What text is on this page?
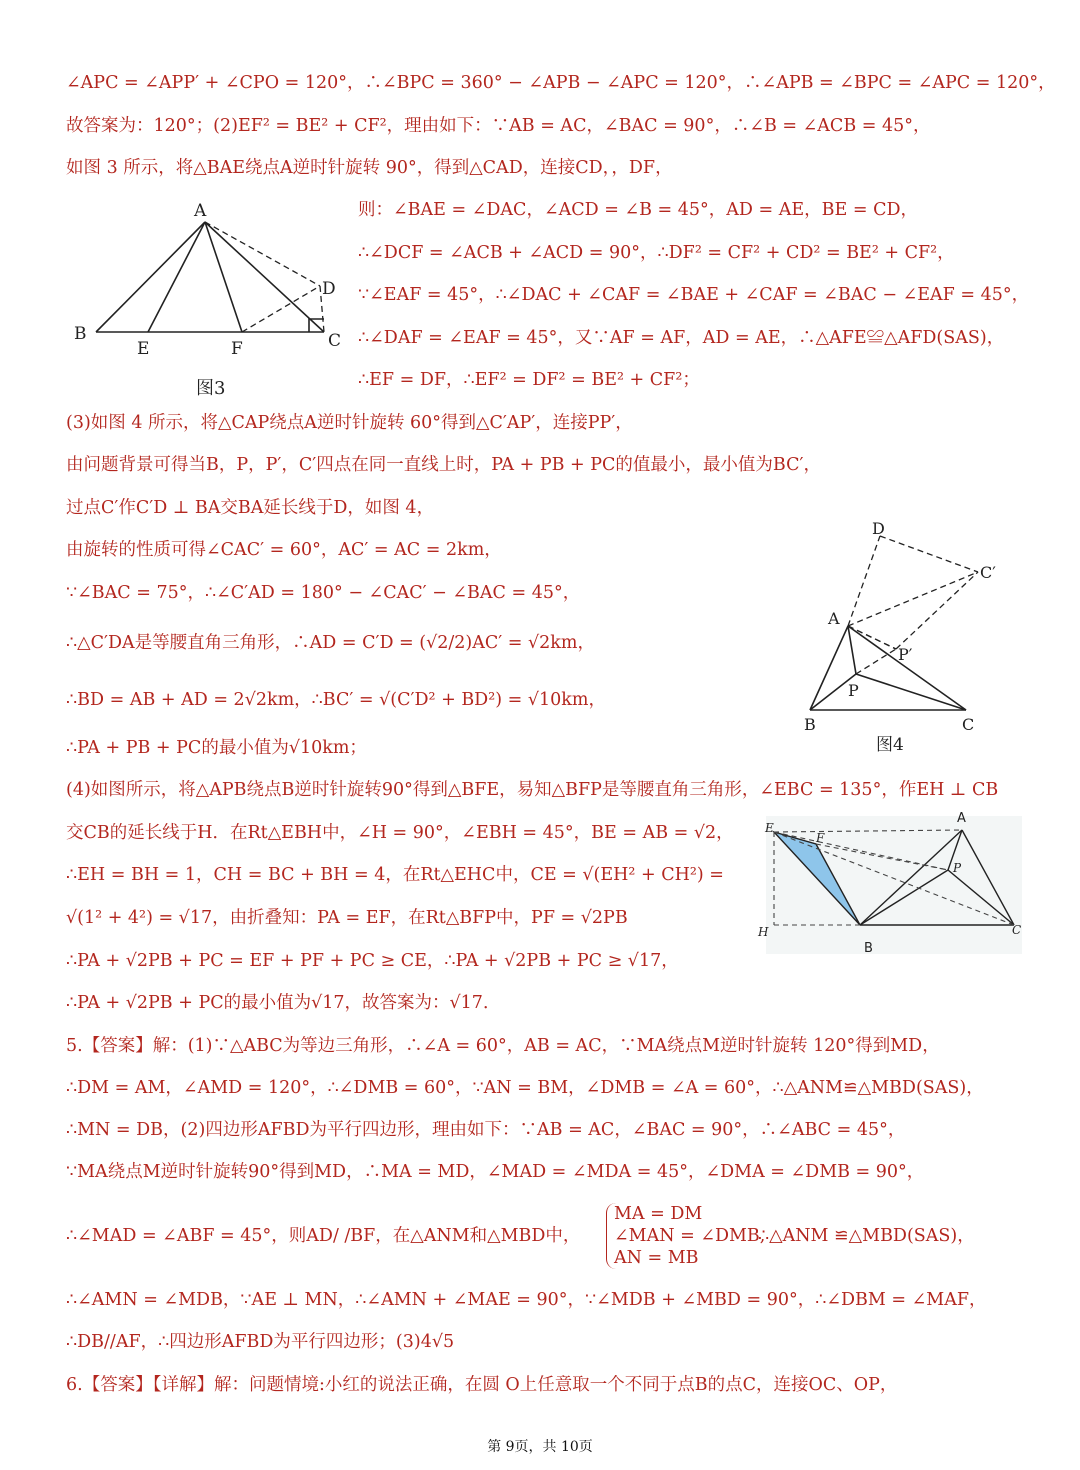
∠APC = ∠APP′ + ∠CPO = 120°，∴∠BPC = 360° − ∠APB − ∠APC = 120°，∴∠APB = ∠BPC = ∠APC = 120°，
故答案为：120°；(2)EF² = BE² + CF²，理由如下：∵AB = AC，∠BAC = 90°，∴∠B = ∠ACB = 45°，
如图 3 所示，将△BAE绕点A逆时针旋转 90°，得到△CAD，连接CD，，DF，
则：∠BAE = ∠DAC，∠ACD = ∠B = 45°，AD = AE，BE = CD，
∴∠DCF = ∠ACB + ∠ACD = 90°，∴DF² = CF² + CD² = BE² + CF²，
∵∠EAF = 45°，∴∠DAC + ∠CAF = ∠BAE + ∠CAF = ∠BAC − ∠EAF = 45°，
∴∠DAF = ∠EAF = 45°，又∵AF = AF，AD = AE，∴△AFE≌△AFD(SAS)，
∴EF = DF，∴EF² = DF² = BE² + CF²；
(3)如图 4 所示，将△CAP绕点A逆时针旋转 60°得到△C′AP′，连接PP′，
由问题背景可得当B，P，P′，C′四点在同一直线上时，PA + PB + PC的值最小，最小值为BC′，
过点C′作C′D ⊥ BA交BA延长线于D，如图 4，
由旋转的性质可得∠CAC′ = 60°，AC′ = AC = 2km，
∵∠BAC = 75°，∴∠C′AD = 180° − ∠CAC′ − ∠BAC = 45°，
∴△C′DA是等腰直角三角形，∴AD = C′D = (√2/2)AC′ = √2km，
∴BD = AB + AD = 2√2km，∴BC′ = √(C′D² + BD²) = √10km，
∴PA + PB + PC的最小值为√10km；
(4)如图所示，将△APB绕点B逆时针旋转90°得到△BFE，易知△BFP是等腰直角三角形，∠EBC = 135°，作EH ⊥ CB
交CB的延长线于H．在Rt△EBH中，∠H = 90°，∠EBH = 45°，BE = AB = √2，
∴EH = BH = 1，CH = BC + BH = 4，在Rt△EHC中，CE = √(EH² + CH²) =
√(1² + 4²) = √17，由折叠知：PA = EF，在Rt△BFP中，PF = √2PB
∴PA + √2PB + PC = EF + PF + PC ≥ CE，∴PA + √2PB + PC ≥ √17，
∴PA + √2PB + PC的最小值为√17，故答案为：√17．
5.【答案】解：(1)∵△ABC为等边三角形，∴∠A = 60°，AB = AC，∵MA绕点M逆时针旋转 120°得到MD，
∴DM = AM，∠AMD = 120°，∴∠DMB = 60°，∵AN = BM，∠DMB = ∠A = 60°，∴△ANM≌△MBD(SAS)，
∴MN = DB，(2)四边形AFBD为平行四边形，理由如下：∵AB = AC，∠BAC = 90°，∴∠ABC = 45°，
∵MA绕点M逆时针旋转90°得到MD，∴MA = MD，∠MAD = ∠MDA = 45°，∠DMA = ∠DMB = 90°，
∴∠MAD = ∠ABF = 45°，则AD/ /BF，在△ANM和△MBD中，
MA = DM
∠MAN = ∠DMB,
AN = MB
∴△ANM ≌△MBD(SAS)，
∴∠AMN = ∠MDB，∵AE ⊥ MN，∴∠AMN + ∠MAE = 90°，∵∠MDB + ∠MBD = 90°，∴∠DBM = ∠MAF，
∴DB//AF，∴四边形AFBD为平行四边形；(3)4√5
6.【答案】【详解】解：问题情境:小红的说法正确，在圆 O上任意取一个不同于点B的点C，连接OC、OP，
A
B
E	F	C
D
图3
D
C′
A
P′
P
B	C
图4
A
E
F
P
H
B
C
第 9页，共 10页
